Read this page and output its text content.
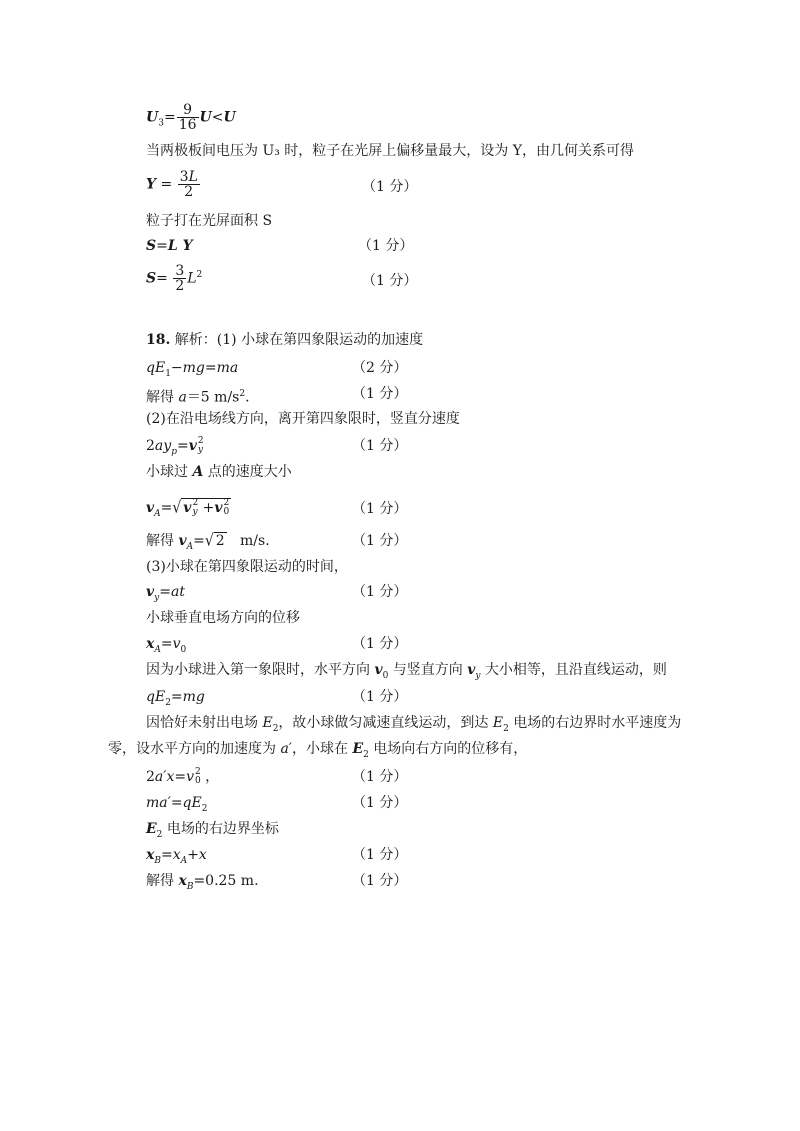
$U_3= \frac{9}{16} U<U$
当两极板间电压为 U₃ 时，粒子在光屏上偏移量最大，设为 Y，由几何关系可得
$Y = \frac{3L}{2}$	（1 分）
粒子打在光屏面积 S
S=L Y	（1 分）
$S= \frac{3}{2} L^2$	（1 分）
18. 解析：(1) 小球在第四象限运动的加速度
$qE_1-mg=ma$	（2 分）
解得 a＝5 $m/s^2$.	（1 分）
(2)在沿电场线方向，离开第四象限时，竖直分速度
$2ay_p=v$ 2
y	（1 分）
小球过 A 点的速度大小
$v_A=√$ v 2
y +v 2
0	（1 分）
解得 $v_A=√$ 2   m/s.	（1 分）
(3)小球在第四象限运动的时间，
$v_y=at$	（1 分）
小球垂直电场方向的位移
$x_A=v_0$	（1 分）
因为小球进入第一象限时，水平方向 $v_0$ 与竖直方向 $v_y$ 大小相等，且沿直线运动，则
$qE_2=mg$	（1 分）
因恰好未射出电场 $E_2$，故小球做匀减速直线运动，到达 $E_2$ 电场的右边界时水平速度为
零，设水平方向的加速度为 a′，小球在 $E_2$ 电场向右方向的位移有，
2a′x=v 2
0 ，	（1 分）
$ma'=qE_2$	（1 分）
$E_2$ 电场的右边界坐标
$x_B=x_A+x$	（1 分）
解得 $x_B=0.25$ m.	（1 分）
